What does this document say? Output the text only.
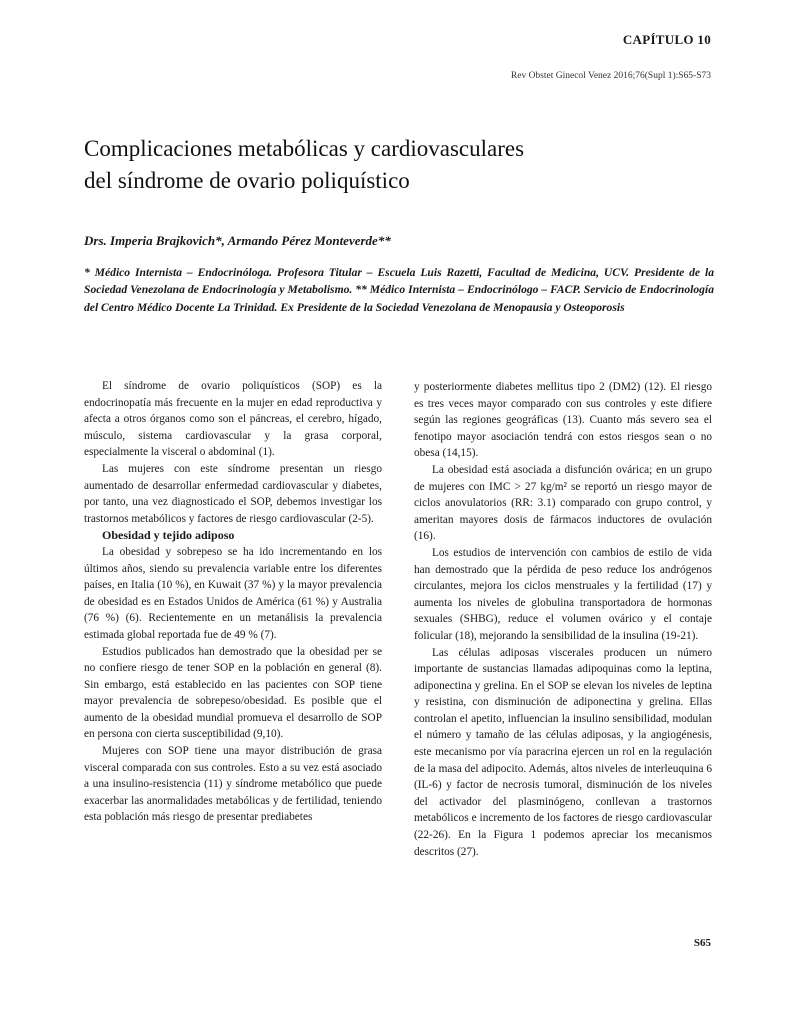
CAPÍTULO 10
Rev Obstet Ginecol Venez 2016;76(Supl 1):S65-S73
Complicaciones metabólicas y cardiovasculares
del síndrome de ovario poliquístico
Drs. Imperia Brajkovich*, Armando Pérez Monteverde**

* Médico Internista – Endocrinóloga. Profesora Titular – Escuela Luis Razetti, Facultad de Medicina, UCV. Presidente de la Sociedad Venezolana de Endocrinología y Metabolismo. ** Médico Internista – Endocrinólogo – FACP. Servicio de Endocrinología del Centro Médico Docente La Trinidad. Ex Presidente de la Sociedad Venezolana de Menopausia y Osteoporosis

El síndrome de ovario poliquísticos (SOP) es la endocrinopatía más frecuente en la mujer en edad reproductiva y afecta a otros órganos como son el páncreas, el cerebro, hígado, músculo, sistema cardiovascular y la grasa corporal, especialmente la visceral o abdominal (1).

Las mujeres con este síndrome presentan un riesgo aumentado de desarrollar enfermedad cardiovascular y diabetes, por tanto, una vez diagnosticado el SOP, debemos investigar los trastornos metabólicos y factores de riesgo cardiovascular (2-5).

Obesidad y tejido adiposo

La obesidad y sobrepeso se ha ido incrementando en los últimos años, siendo su prevalencia variable entre los diferentes países, en Italia (10 %), en Kuwait (37 %) y la mayor prevalencia de obesidad es en Estados Unidos de América (61 %) y Australia (76 %) (6). Recientemente en un metanálisis la prevalencia estimada global reportada fue de 49 % (7).

Estudios publicados han demostrado que la obesidad per se no confiere riesgo de tener SOP en la población en general (8). Sin embargo, está establecido en las pacientes con SOP tiene mayor prevalencia de sobrepeso/obesidad. Es posible que el aumento de la obesidad mundial promueva el desarrollo de SOP en persona con cierta susceptibilidad (9,10).

Mujeres con SOP tiene una mayor distribución de grasa visceral comparada con sus controles. Esto a su vez está asociado a una insulino-resistencia (11) y síndrome metabólico que puede exacerbar las anormalidades metabólicas y de fertilidad, teniendo esta población más riesgo de presentar prediabetes

y posteriormente diabetes mellitus tipo 2 (DM2) (12). El riesgo es tres veces mayor comparado con sus controles y este difiere según las regiones geográficas (13). Cuanto más severo sea el fenotipo mayor asociación tendrá con estos riesgos sean o no obesa (14,15).

La obesidad está asociada a disfunción ovárica; en un grupo de mujeres con IMC > 27 kg/m² se reportó un riesgo mayor de ciclos anovulatorios (RR: 3.1) comparado con grupo control, y ameritan mayores dosis de fármacos inductores de ovulación (16).

Los estudios de intervención con cambios de estilo de vida han demostrado que la pérdida de peso reduce los andrógenos circulantes, mejora los ciclos menstruales y la fertilidad (17) y aumenta los niveles de globulina transportadora de hormonas sexuales (SHBG), reduce el volumen ovárico y el contaje folicular (18), mejorando la sensibilidad de la insulina (19-21).

Las células adiposas viscerales producen un número importante de sustancias llamadas adipoquinas como la leptina, adiponectina y grelina. En el SOP se elevan los niveles de leptina y resistina, con disminución de adiponectina y grelina. Ellas controlan el apetito, influencian la insulino sensibilidad, modulan el número y tamaño de las células adiposas, y la angiogénesis, este mecanismo por vía paracrina ejercen un rol en la regulación de la masa del adipocito. Además, altos niveles de interleuquina 6 (IL-6) y factor de necrosis tumoral, disminución de los niveles del activador del plasminógeno, conllevan a trastornos metabólicos e incremento de los factores de riesgo cardiovascular (22-26). En la Figura 1 podemos apreciar los mecanismos descritos (27).

S65
